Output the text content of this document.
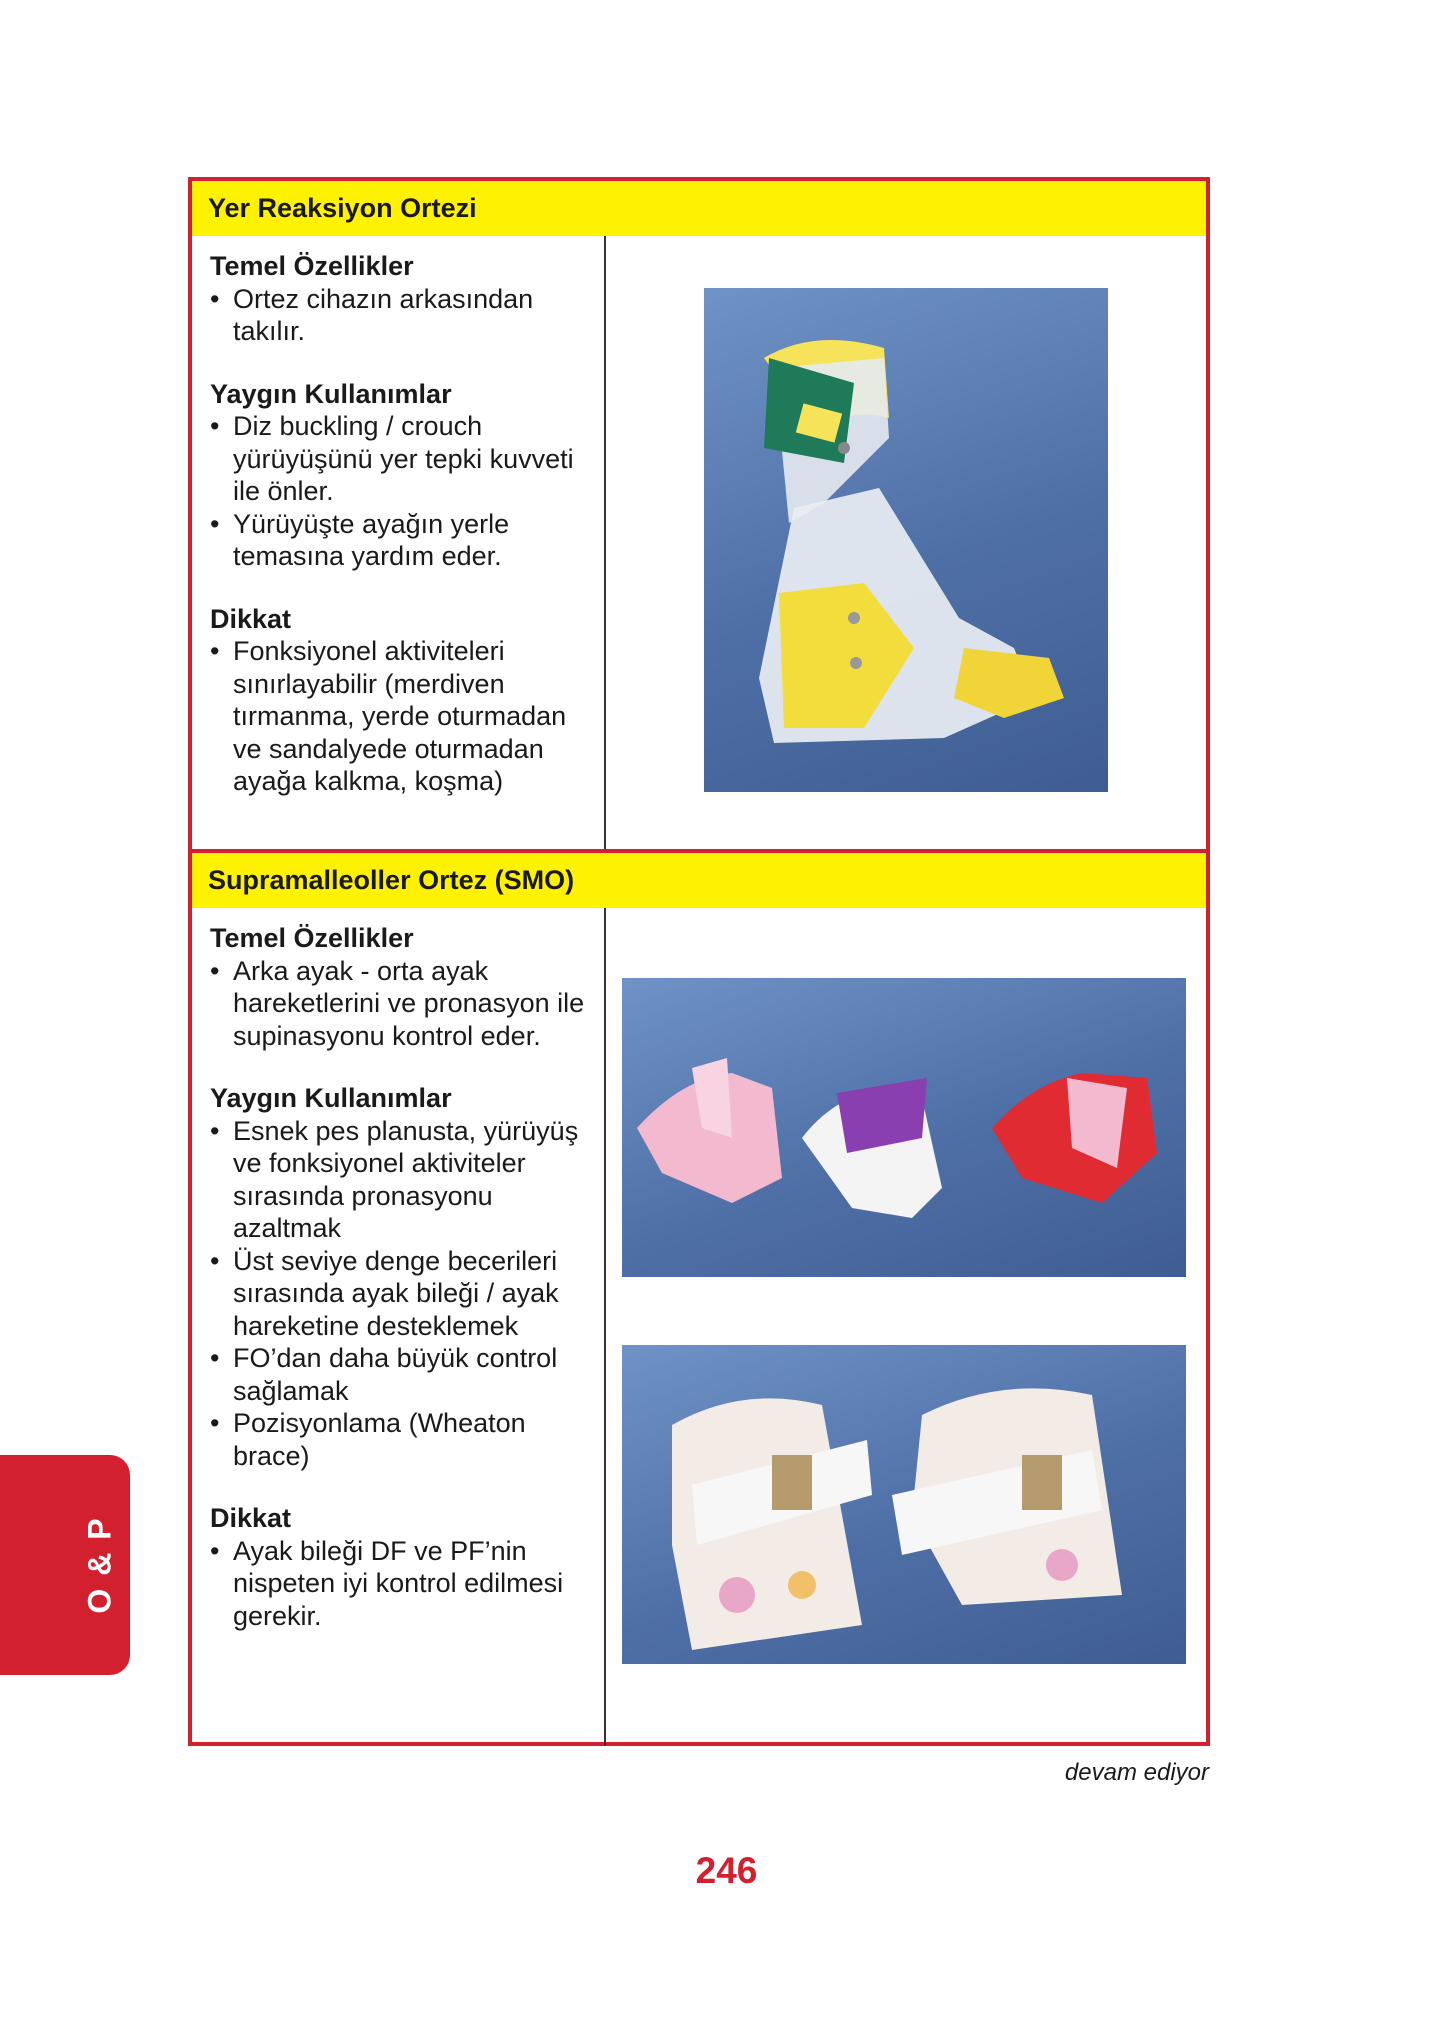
Yer Reaksiyon Ortezi
Temel Özellikler
• Ortez cihazın arkasından takılır.
Yaygın Kullanımlar
• Diz buckling / crouch yürüyüşünü yer tepki kuvveti ile önler.
• Yürüyüşte ayağın yerle temasına yardım eder.
Dikkat
• Fonksiyonel aktiviteleri sınırlayabilir (merdiven tırmanma, yerde oturmadan ve sandalyede oturmadan ayağa kalkma, koşma)
Supramalleoller Ortez (SMO)
Temel Özellikler
• Arka ayak - orta ayak hareketlerini ve pronasyon ile supinasyonu kontrol eder.
Yaygın Kullanımlar
• Esnek pes planusta, yürüyüş ve fonksiyonel aktiviteler sırasında pronasyonu azaltmak
• Üst seviye denge becerileri sırasında ayak bileği / ayak hareketine desteklemek
• FO’dan daha büyük control sağlamak
• Pozisyonlama (Wheaton brace)
Dikkat
• Ayak bileği DF ve PF’nin nispeten iyi kontrol edilmesi gerekir.
O & P
devam ediyor
246
